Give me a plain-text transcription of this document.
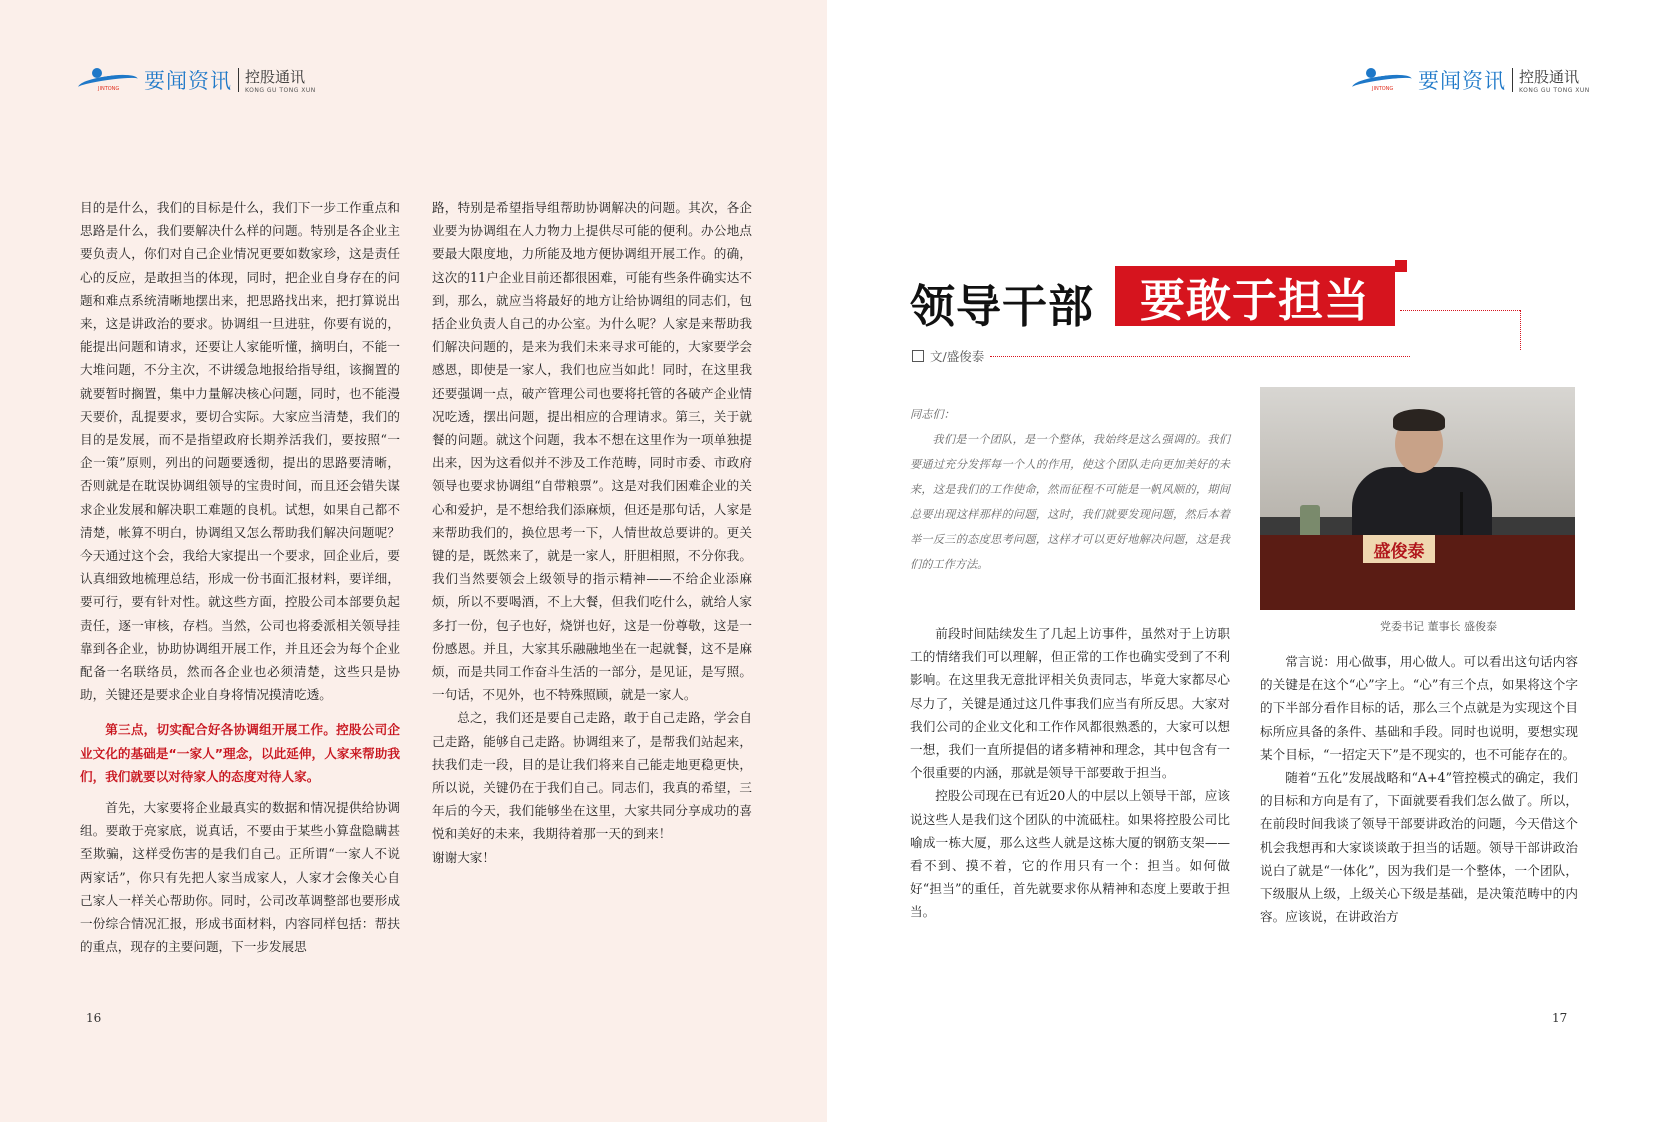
JINTONG 要闻资讯 控股通讯
KONG GU TONG XUN

目的是什么，我们的目标是什么，我们下一步工作重点和思路是什么，我们要解决什么样的问题。特别是各企业主要负责人，你们对自己企业情况更要如数家珍，这是责任心的反应，是敢担当的体现，同时，把企业自身存在的问题和难点系统清晰地摆出来，把思路找出来，把打算说出来，这是讲政治的要求。协调组一旦进驻，你要有说的，能提出问题和请求，还要让人家能听懂，摘明白，不能一大堆问题，不分主次，不讲缓急地报给指导组，该搁置的就要暂时搁置，集中力量解决核心问题，同时，也不能漫天要价，乱提要求，要切合实际。大家应当清楚，我们的目的是发展，而不是指望政府长期养活我们，要按照“一企一策”原则，列出的问题要透彻，提出的思路要清晰，否则就是在耽误协调组领导的宝贵时间，而且还会错失谋求企业发展和解决职工难题的良机。试想，如果自己都不清楚，帐算不明白，协调组又怎么帮助我们解决问题呢？今天通过这个会，我给大家提出一个要求，回企业后，要认真细致地梳理总结，形成一份书面汇报材料，要详细，要可行，要有针对性。就这些方面，控股公司本部要负起责任，逐一审核，存档。当然，公司也将委派相关领导挂靠到各企业，协助协调组开展工作，并且还会为每个企业配备一名联络员，然而各企业也必须清楚，这些只是协助，关键还是要求企业自身将情况摸清吃透。

第三点，切实配合好各协调组开展工作。控股公司企业文化的基础是“一家人”理念，以此延伸，人家来帮助我们，我们就要以对待家人的态度对待人家。

首先，大家要将企业最真实的数据和情况提供给协调组。要敢于亮家底，说真话，不要由于某些小算盘隐瞒甚至欺骗，这样受伤害的是我们自己。正所谓“一家人不说两家话”，你只有先把人家当成家人，人家才会像关心自己家人一样关心帮助你。同时，公司改革调整部也要形成一份综合情况汇报，形成书面材料，内容同样包括：帮扶的重点，现存的主要问题，下一步发展思

路，特别是希望指导组帮助协调解决的问题。其次，各企业要为协调组在人力物力上提供尽可能的便利。办公地点要最大限度地，力所能及地方便协调组开展工作。的确，这次的11户企业目前还都很困难，可能有些条件确实达不到，那么，就应当将最好的地方让给协调组的同志们，包括企业负责人自己的办公室。为什么呢？人家是来帮助我们解决问题的，是来为我们未来寻求可能的，大家要学会感恩，即使是一家人，我们也应当如此！同时，在这里我还要强调一点，破产管理公司也要将托管的各破产企业情况吃透，摆出问题，提出相应的合理请求。第三，关于就餐的问题。就这个问题，我本不想在这里作为一项单独提出来，因为这看似并不涉及工作范畴，同时市委、市政府领导也要求协调组“自带粮票”。这是对我们困难企业的关心和爱护，是不想给我们添麻烦，但还是那句话，人家是来帮助我们的，换位思考一下，人情世故总要讲的。更关键的是，既然来了，就是一家人，肝胆相照，不分你我。我们当然要领会上级领导的指示精神——不给企业添麻烦，所以不要喝酒，不上大餐，但我们吃什么，就给人家多打一份，包子也好，烧饼也好，这是一份尊敬，这是一份感恩。并且，大家其乐融融地坐在一起就餐，这不是麻烦，而是共同工作奋斗生活的一部分，是见证，是写照。一句话，不见外，也不特殊照顾，就是一家人。

总之，我们还是要自己走路，敢于自己走路，学会自己走路，能够自己走路。协调组来了，是帮我们站起来，扶我们走一段，目的是让我们将来自己能走地更稳更快，所以说，关键仍在于我们自己。同志们，我真的希望，三年后的今天，我们能够坐在这里，大家共同分享成功的喜悦和美好的未来，我期待着那一天的到来！

谢谢大家！

16
JINTONG 要闻资讯 控股通讯
KONG GU TONG XUN
领导干部	要敢于担当
文/盛俊泰

同志们：

我们是一个团队，是一个整体，我始终是这么强调的。我们要通过充分发挥每一个人的作用，使这个团队走向更加美好的未来，这是我们的工作使命，然而征程不可能是一帆风顺的，期间总要出现这样那样的问题，这时，我们就要发现问题，然后本着举一反三的态度思考问题，这样才可以更好地解决问题，这是我们的工作方法。

盛俊泰
党委书记 董事长 盛俊泰

前段时间陆续发生了几起上访事件，虽然对于上访职工的情绪我们可以理解，但正常的工作也确实受到了不利影响。在这里我无意批评相关负责同志，毕竟大家都尽心尽力了，关键是通过这几件事我们应当有所反思。大家对我们公司的企业文化和工作作风都很熟悉的，大家可以想一想，我们一直所提倡的诸多精神和理念，其中包含有一个很重要的内涵，那就是领导干部要敢于担当。

控股公司现在已有近20人的中层以上领导干部，应该说这些人是我们这个团队的中流砥柱。如果将控股公司比喻成一栋大厦，那么这些人就是这栋大厦的钢筋支架——看不到、摸不着，它的作用只有一个：担当。如何做好“担当”的重任，首先就要求你从精神和态度上要敢于担当。

常言说：用心做事，用心做人。可以看出这句话内容的关键是在这个“心”字上。“心”有三个点，如果将这个字的下半部分看作目标的话，那么三个点就是为实现这个目标所应具备的条件、基础和手段。同时也说明，要想实现某个目标，“一招定天下”是不现实的，也不可能存在的。

随着“五化”发展战略和“A+4”管控模式的确定，我们的目标和方向是有了，下面就要看我们怎么做了。所以，在前段时间我谈了领导干部要讲政治的问题，今天借这个机会我想再和大家谈谈敢于担当的话题。领导干部讲政治说白了就是“一体化”，因为我们是一个整体，一个团队，下级服从上级，上级关心下级是基础，是决策范畴中的内容。应该说，在讲政治方

17
